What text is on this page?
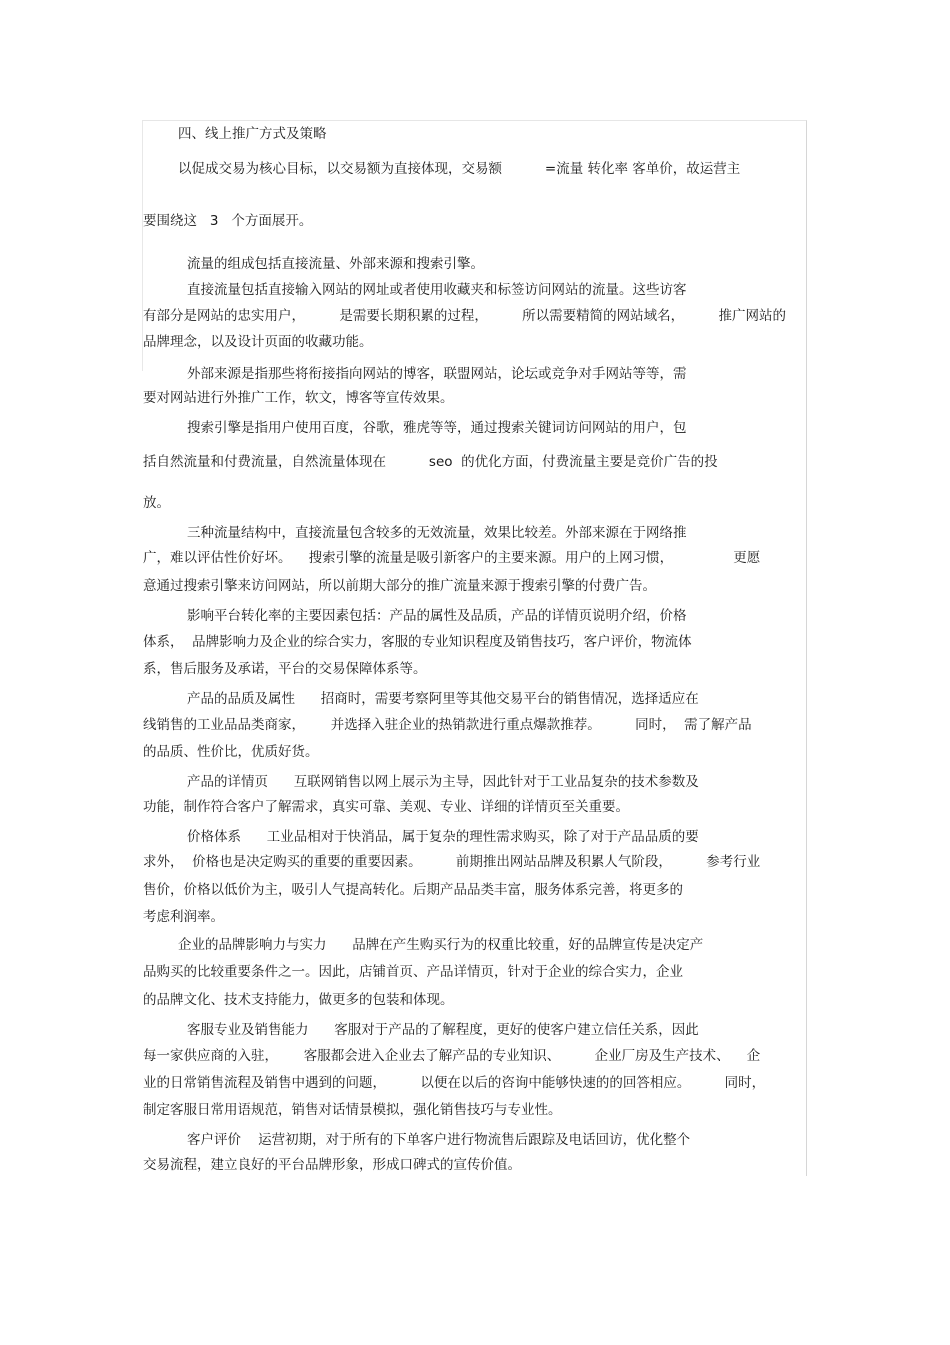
四、线上推广方式及策略
以促成交易为核心目标，以交易额为直接体现，交易额          =流量 转化率 客单价，故运营主
要围绕这   3   个方面展开。
流量的组成包括直接流量、外部来源和搜索引擎。
直接流量包括直接输入网站的网址或者使用收藏夹和标签访问网站的流量。这些访客
有部分是网站的忠实用户，        是需要长期积累的过程，        所以需要精简的网站域名，        推广网站的
品牌理念，以及设计页面的收藏功能。
外部来源是指那些将衔接指向网站的博客，联盟网站，论坛或竞争对手网站等等，需
要对网站进行外推广工作，软文，博客等宣传效果。
搜索引擎是指用户使用百度，谷歌，雅虎等等，通过搜索关键词访问网站的用户，包
括自然流量和付费流量，自然流量体现在          seo  的优化方面，付费流量主要是竞价广告的投
放。
三种流量结构中，直接流量包含较多的无效流量，效果比较差。外部来源在于网络推
广，难以评估性价好坏。    搜索引擎的流量是吸引新客户的主要来源。用户的上网习惯，              更愿
意通过搜索引擎来访问网站，所以前期大部分的推广流量来源于搜索引擎的付费广告。
影响平台转化率的主要因素包括：产品的属性及品质，产品的详情页说明介绍，价格
体系，  品牌影响力及企业的综合实力，客服的专业知识程度及销售技巧，客户评价，物流体
系，售后服务及承诺，平台的交易保障体系等。
产品的品质及属性      招商时，需要考察阿里等其他交易平台的销售情况，选择适应在
线销售的工业品品类商家，      并选择入驻企业的热销款进行重点爆款推荐。        同时，  需了解产品
的品质、性价比，优质好货。
产品的详情页      互联网销售以网上展示为主导，因此针对于工业品复杂的技术参数及
功能，制作符合客户了解需求，真实可靠、美观、专业、详细的详情页至关重要。
价格体系      工业品相对于快消品，属于复杂的理性需求购买，除了对于产品品质的要
求外，  价格也是决定购买的重要的重要因素。        前期推出网站品牌及积累人气阶段，        参考行业
售价，价格以低价为主，吸引人气提高转化。后期产品品类丰富，服务体系完善，将更多的
考虑利润率。
企业的品牌影响力与实力      品牌在产生购买行为的权重比较重，好的品牌宣传是决定产
品购买的比较重要条件之一。因此，店铺首页、产品详情页，针对于企业的综合实力，企业
的品牌文化、技术支持能力，做更多的包装和体现。
客服专业及销售能力      客服对于产品的了解程度，更好的使客户建立信任关系，因此
每一家供应商的入驻，      客服都会进入企业去了解产品的专业知识、        企业厂房及生产技术、    企
业的日常销售流程及销售中遇到的问题，        以便在以后的咨询中能够快速的的回答相应。        同时，
制定客服日常用语规范，销售对话情景模拟，强化销售技巧与专业性。
客户评价    运营初期，对于所有的下单客户进行物流售后跟踪及电话回访，优化整个
交易流程，建立良好的平台品牌形象，形成口碑式的宣传价值。
